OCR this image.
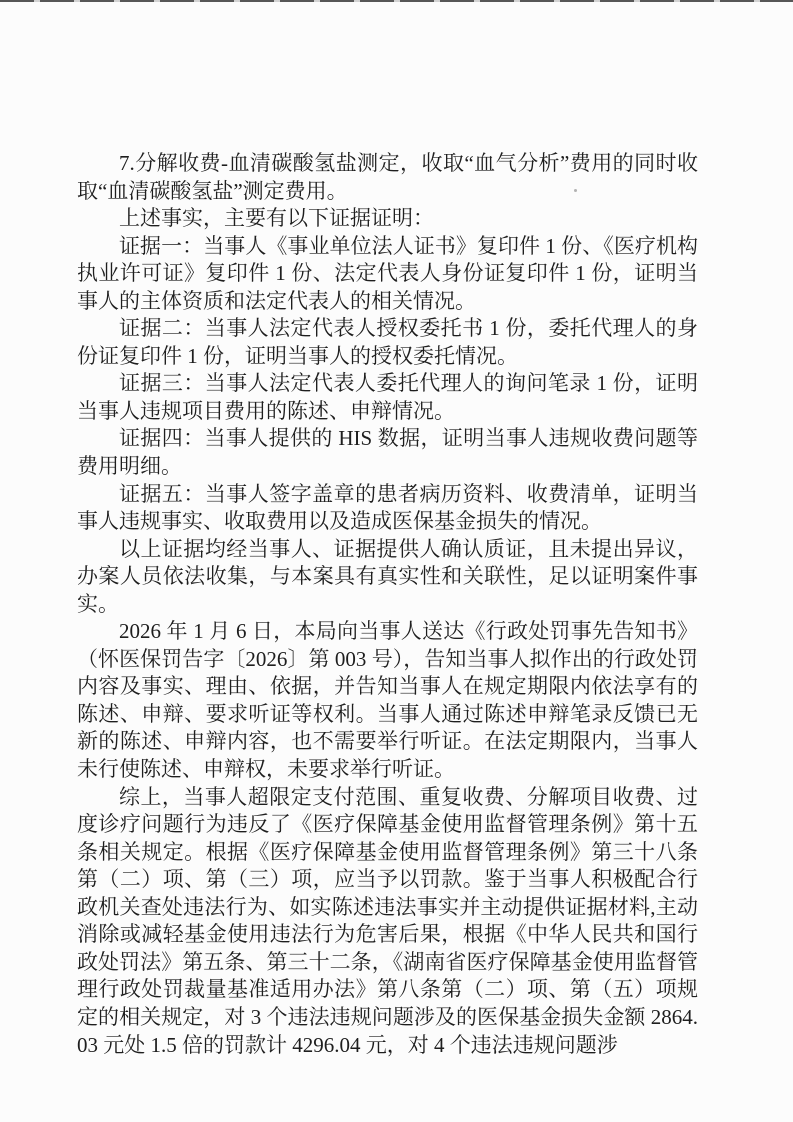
7.分解收费-血清碳酸氢盐测定，收取“血气分析”费用的同时收取“血清碳酸氢盐”测定费用。

上述事实，主要有以下证据证明：

证据一：当事人《事业单位法人证书》复印件 1 份、《医疗机构执业许可证》复印件 1 份、法定代表人身份证复印件 1 份，证明当事人的主体资质和法定代表人的相关情况。

证据二：当事人法定代表人授权委托书 1 份，委托代理人的身份证复印件 1 份，证明当事人的授权委托情况。

证据三：当事人法定代表人委托代理人的询问笔录 1 份，证明当事人违规项目费用的陈述、申辩情况。

证据四：当事人提供的 HIS 数据，证明当事人违规收费问题等费用明细。

证据五：当事人签字盖章的患者病历资料、收费清单，证明当事人违规事实、收取费用以及造成医保基金损失的情况。

以上证据均经当事人、证据提供人确认质证，且未提出异议，办案人员依法收集，与本案具有真实性和关联性，足以证明案件事实。

2026 年 1 月 6 日，本局向当事人送达《行政处罚事先告知书》（怀医保罚告字〔2026〕第 003 号），告知当事人拟作出的行政处罚内容及事实、理由、依据，并告知当事人在规定期限内依法享有的陈述、申辩、要求听证等权利。当事人通过陈述申辩笔录反馈已无新的陈述、申辩内容，也不需要举行听证。在法定期限内，当事人未行使陈述、申辩权，未要求举行听证。

综上，当事人超限定支付范围、重复收费、分解项目收费、过度诊疗问题行为违反了《医疗保障基金使用监督管理条例》第十五条相关规定。根据《医疗保障基金使用监督管理条例》第三十八条第（二）项、第（三）项，应当予以罚款。鉴于当事人积极配合行政机关查处违法行为、如实陈述违法事实并主动提供证据材料,主动消除或减轻基金使用违法行为危害后果，根据《中华人民共和国行政处罚法》第五条、第三十二条，《湖南省医疗保障基金使用监督管理行政处罚裁量基准适用办法》第八条第（二）项、第（五）项规定的相关规定，对 3 个违法违规问题涉及的医保基金损失金额 2864.03 元处 1.5 倍的罚款计 4296.04 元，对 4 个违法违规问题涉
